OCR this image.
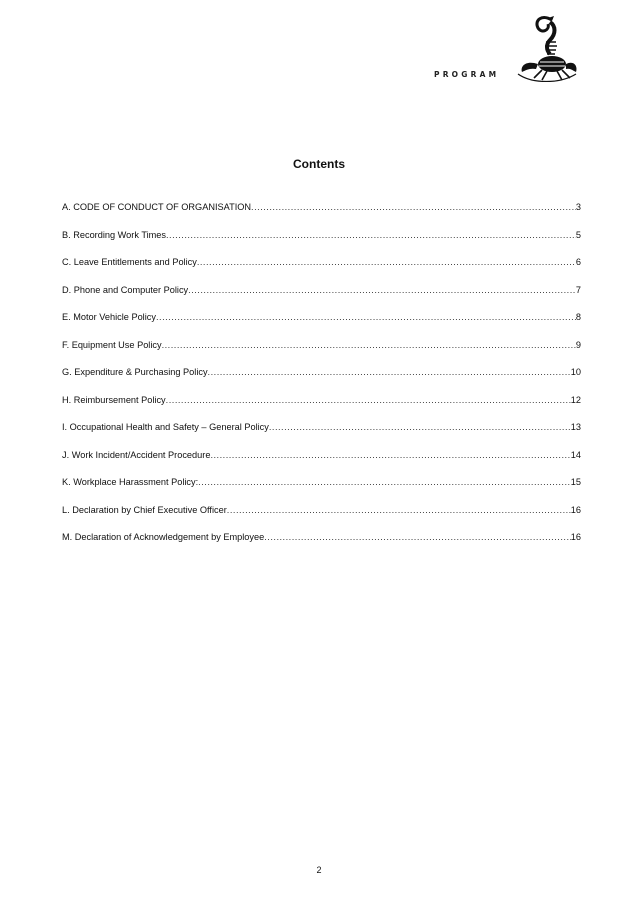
PROGRAM
Contents
A. CODE OF CONDUCT OF ORGANISATION .....	3
B. Recording Work Times .....	5
C. Leave Entitlements and Policy .....	6
D. Phone and Computer Policy .....	7
E. Motor Vehicle Policy .....	8
F. Equipment Use Policy .....	9
G. Expenditure & Purchasing Policy .....	10
H. Reimbursement Policy .....	12
I. Occupational Health and Safety – General Policy .....	13
J. Work Incident/Accident Procedure .....	14
K. Workplace Harassment Policy: .....	15
L. Declaration by Chief Executive Officer .....	16
M. Declaration of Acknowledgement by Employee .....	16
2
